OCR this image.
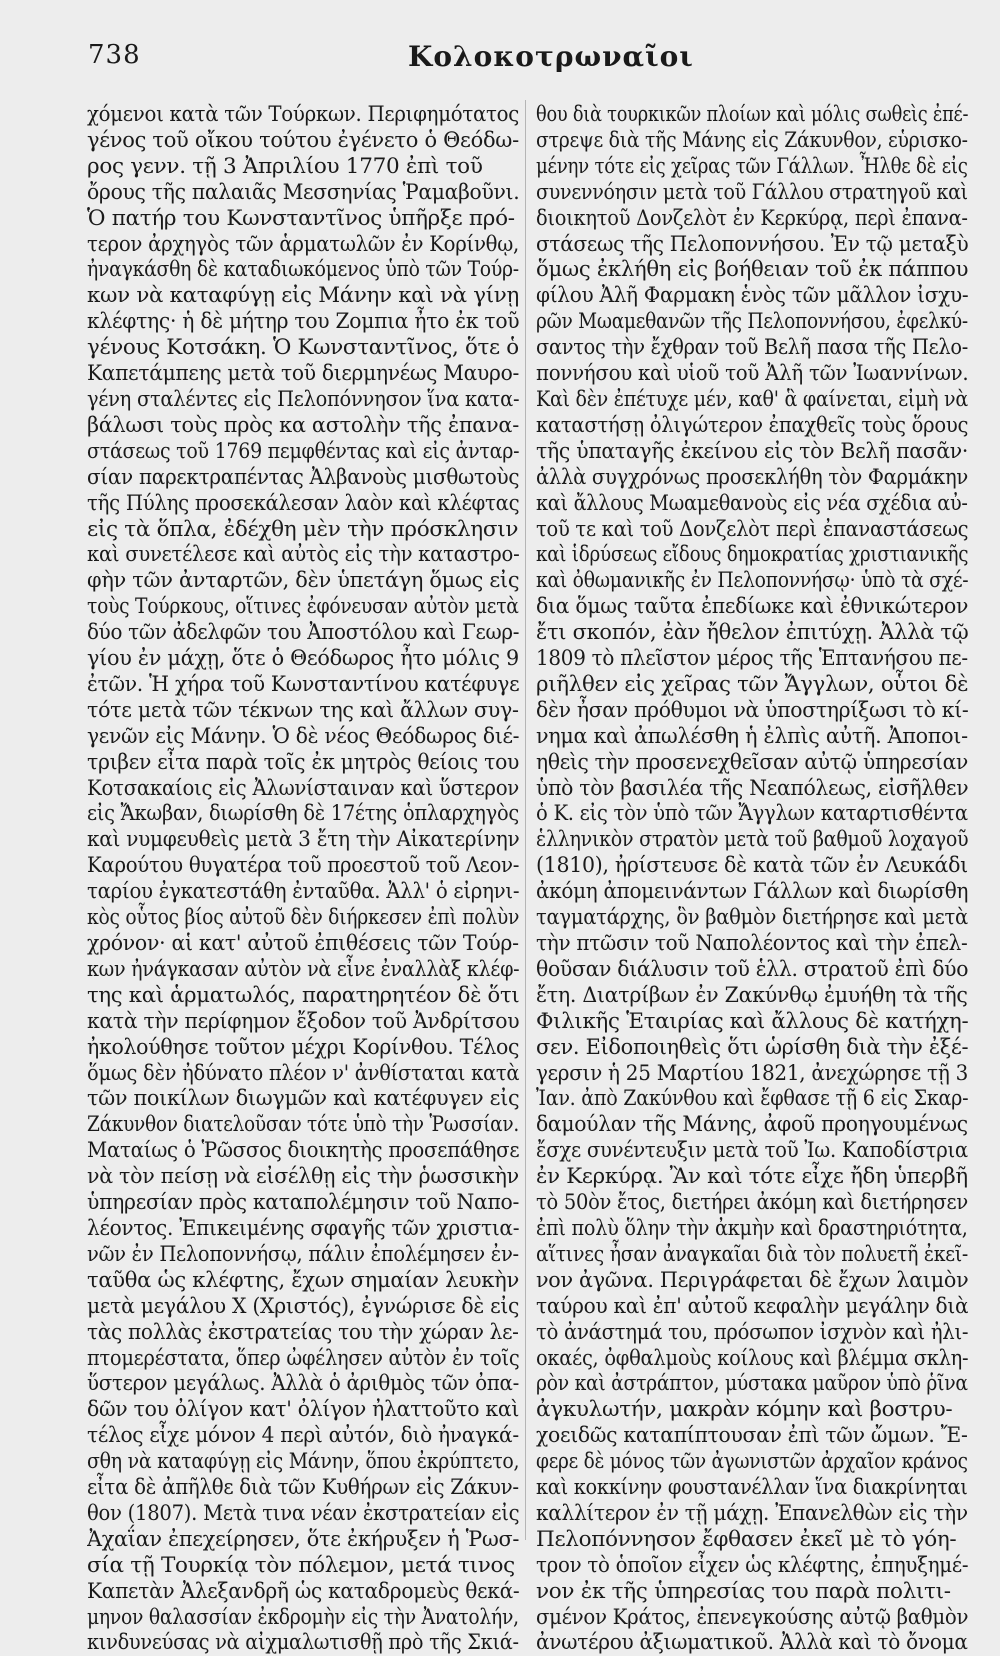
738	Κολοκοτρωναῖοι
χόμενοι κατὰ τῶν Τούρκων. Περιφημότατος
γένος τοῦ οἴκου τούτου ἐγένετο ὁ Θεόδω-
ρος γενν. τῇ 3 Ἀπριλίου 1770 ἐπὶ τοῦ
ὄρους τῆς παλαιᾶς Μεσσηνίας Ῥαμαβοῦνι.
Ὁ πατήρ του Κωνσταντῖνος ὑπῆρξε πρό-
τερον ἀρχηγὸς τῶν ἁρματωλῶν ἐν Κορίνθῳ,
ἠναγκάσθη δὲ καταδιωκόμενος ὑπὸ τῶν Τούρ-
κων νὰ καταφύγῃ εἰς Μάνην καὶ νὰ γίνῃ
κλέφτης· ἡ δὲ μήτηρ του Ζομπια ἦτο ἐκ τοῦ
γένους Κοτσάκη. Ὁ Κωνσταντῖνος, ὅτε ὁ
Καπετάμπεης μετὰ τοῦ διερμηνέως Μαυρο-
γένη σταλέντες εἰς Πελοπόννησον ἵνα κατα-
βάλωσι τοὺς πρὸς κα αστολὴν τῆς ἐπανα-
στάσεως τοῦ 1769 πεμφθέντας καὶ εἰς ἀνταρ-
σίαν παρεκτραπέντας Ἀλβανοὺς μισθωτοὺς
τῆς Πύλης προσεκάλεσαν λαὸν καὶ κλέφτας
εἰς τὰ ὅπλα, ἐδέχθη μὲν τὴν πρόσκλησιν
καὶ συνετέλεσε καὶ αὐτὸς εἰς τὴν καταστρο-
φὴν τῶν ἀνταρτῶν, δὲν ὑπετάγη ὅμως εἰς
τοὺς Τούρκους, οἵτινες ἐφόνευσαν αὐτὸν μετὰ
δύο τῶν ἀδελφῶν του Ἀποστόλου καὶ Γεωρ-
γίου ἐν μάχῃ, ὅτε ὁ Θεόδωρος ἦτο μόλις 9
ἐτῶν. Ἡ χήρα τοῦ Κωνσταντίνου κατέφυγε
τότε μετὰ τῶν τέκνων της καὶ ἄλλων συγ-
γενῶν εἰς Μάνην. Ὁ δὲ νέος Θεόδωρος διέ-
τριβεν εἶτα παρὰ τοῖς ἐκ μητρὸς θείοις του
Κοτσακαίοις εἰς Ἀλωνίσταιναν καὶ ὕστερον
εἰς Ἄκωβαν, διωρίσθη δὲ 17έτης ὁπλαρχηγὸς
καὶ νυμφευθεὶς μετὰ 3 ἔτη τὴν Αἰκατερίνην
Καρούτου θυγατέρα τοῦ προεστοῦ τοῦ Λεον-
ταρίου ἐγκατεστάθη ἐνταῦθα. Ἀλλ' ὁ εἰρηνι-
κὸς οὗτος βίος αὐτοῦ δὲν διήρκεσεν ἐπὶ πολὺν
χρόνον· αἱ κατ' αὐτοῦ ἐπιθέσεις τῶν Τούρ-
κων ἠνάγκασαν αὐτὸν νὰ εἶνε ἐναλλὰξ κλέφ-
της καὶ ἁρματωλός, παρατηρητέον δὲ ὅτι
κατὰ τὴν περίφημον ἔξοδον τοῦ Ἀνδρίτσου
ἠκολούθησε τοῦτον μέχρι Κορίνθου. Τέλος
ὅμως δὲν ἠδύνατο πλέον ν' ἀνθίσταται κατὰ
τῶν ποικίλων διωγμῶν καὶ κατέφυγεν εἰς
Ζάκυνθον διατελοῦσαν τότε ὑπὸ τὴν Ῥωσσίαν.
Ματαίως ὁ Ῥῶσσος διοικητὴς προσεπάθησε
νὰ τὸν πείσῃ νὰ εἰσέλθῃ εἰς τὴν ῥωσσικὴν
ὑπηρεσίαν πρὸς καταπολέμησιν τοῦ Ναπο-
λέοντος. Ἐπικειμένης σφαγῆς τῶν χριστια-
νῶν ἐν Πελοποννήσῳ, πάλιν ἐπολέμησεν ἐν-
ταῦθα ὡς κλέφτης, ἔχων σημαίαν λευκὴν
μετὰ μεγάλου Χ (Χριστός), ἐγνώρισε δὲ εἰς
τὰς πολλὰς ἐκστρατείας του τὴν χώραν λε-
πτομερέστατα, ὅπερ ὠφέλησεν αὐτὸν ἐν τοῖς
ὕστερον μεγάλως. Ἀλλὰ ὁ ἀριθμὸς τῶν ὀπα-
δῶν του ὀλίγον κατ' ὀλίγον ἠλαττοῦτο καὶ
τέλος εἶχε μόνον 4 περὶ αὐτόν, διὸ ἠναγκά-
σθη νὰ καταφύγῃ εἰς Μάνην, ὅπου ἐκρύπτετο,
εἶτα δὲ ἀπῆλθε διὰ τῶν Κυθήρων εἰς Ζάκυν-
θον (1807). Μετὰ τινα νέαν ἐκστρατείαν εἰς
Ἀχαΐαν ἐπεχείρησεν, ὅτε ἐκήρυξεν ἡ Ῥωσ-
σία τῇ Τουρκίᾳ τὸν πόλεμον, μετά τινος
Καπετὰν Ἀλεξανδρῆ ὡς καταδρομεὺς θεκά-
μηνον θαλασσίαν ἐκδρομὴν εἰς τὴν Ἀνατολήν,
κινδυνεύσας νὰ αἰχμαλωτισθῇ πρὸ τῆς Σκιά-
θου διὰ τουρκικῶν πλοίων καὶ μόλις σωθεὶς ἐπέ-
στρεψε διὰ τῆς Μάνης εἰς Ζάκυνθον, εὑρισκο-
μένην τότε εἰς χεῖρας τῶν Γάλλων. Ἦλθε δὲ εἰς
συνεννόησιν μετὰ τοῦ Γάλλου στρατηγοῦ καὶ
διοικητοῦ Δονζελὸτ ἐν Κερκύρᾳ, περὶ ἐπανα-
στάσεως τῆς Πελοποννήσου. Ἐν τῷ μεταξὺ
ὅμως ἐκλήθη εἰς βοήθειαν τοῦ ἐκ πάππου
φίλου Ἀλῆ Φαρμακη ἑνὸς τῶν μᾶλλον ἰσχυ-
ρῶν Μωαμεθανῶν τῆς Πελοποννήσου, ἐφελκύ-
σαντος τὴν ἔχθραν τοῦ Βελῆ πασα τῆς Πελο-
ποννήσου καὶ υἱοῦ τοῦ Ἀλῆ τῶν Ἰωαννίνων.
Καὶ δὲν ἐπέτυχε μέν, καθ' ἃ φαίνεται, εἰμὴ νὰ
καταστήσῃ ὀλιγώτερον ἐπαχθεῖς τοὺς ὅρους
τῆς ὑπαταγῆς ἐκείνου εἰς τὸν Βελῆ πασᾶν·
ἀλλὰ συγχρόνως προσεκλήθη τὸν Φαρμάκην
καὶ ἄλλους Μωαμεθανοὺς εἰς νέα σχέδια αὐ-
τοῦ τε καὶ τοῦ Δονζελὸτ περὶ ἐπαναστάσεως
καὶ ἱδρύσεως εἴδους δημοκρατίας χριστιανικῆς
καὶ ὀθωμανικῆς ἐν Πελοποννήσῳ· ὑπὸ τὰ σχέ-
δια ὅμως ταῦτα ἐπεδίωκε καὶ ἐθνικώτερον
ἔτι σκοπόν, ἐὰν ἤθελον ἐπιτύχῃ. Ἀλλὰ τῷ
1809 τὸ πλεῖστον μέρος τῆς Ἑπτανήσου πε-
ριῆλθεν εἰς χεῖρας τῶν Ἄγγλων, οὗτοι δὲ
δὲν ἦσαν πρόθυμοι νὰ ὑποστηρίξωσι τὸ κί-
νημα καὶ ἀπωλέσθη ἡ ἐλπὶς αὐτῆ. Ἀποποι-
ηθεὶς τὴν προσενεχθεῖσαν αὐτῷ ὑπηρεσίαν
ὑπὸ τὸν βασιλέα τῆς Νεαπόλεως, εἰσῆλθεν
ὁ Κ. εἰς τὸν ὑπὸ τῶν Ἄγγλων καταρτισθέντα
ἑλληνικὸν στρατὸν μετὰ τοῦ βαθμοῦ λοχαγοῦ
(1810), ἠρίστευσε δὲ κατὰ τῶν ἐν Λευκάδι
ἀκόμη ἀπομεινάντων Γάλλων καὶ διωρίσθη
ταγματάρχης, ὃν βαθμὸν διετήρησε καὶ μετὰ
τὴν πτῶσιν τοῦ Ναπολέοντος καὶ τὴν ἐπελ-
θοῦσαν διάλυσιν τοῦ ἑλλ. στρατοῦ ἐπὶ δύο
ἔτη. Διατρίβων ἐν Ζακύνθῳ ἐμυήθη τὰ τῆς
Φιλικῆς Ἑταιρίας καὶ ἄλλους δὲ κατήχη-
σεν. Εἰδοποιηθεὶς ὅτι ὡρίσθη διὰ τὴν ἐξέ-
γερσιν ἡ 25 Μαρτίου 1821, ἀνεχώρησε τῇ 3
Ἰαν. ἀπὸ Ζακύνθου καὶ ἔφθασε τῇ 6 εἰς Σκαρ-
δαμούλαν τῆς Μάνης, ἀφοῦ προηγουμένως
ἔσχε συνέντευξιν μετὰ τοῦ Ἰω. Καποδίστρια
ἐν Κερκύρᾳ. Ἂν καὶ τότε εἶχε ἤδη ὑπερβῆ
τὸ 50ὸν ἔτος, διετήρει ἀκόμη καὶ διετήρησεν
ἐπὶ πολὺ ὅλην τὴν ἀκμὴν καὶ δραστηριότητα,
αἵτινες ἦσαν ἀναγκαῖαι διὰ τὸν πολυετῆ ἐκεῖ-
νον ἀγῶνα. Περιγράφεται δὲ ἔχων λαιμὸν
ταύρου καὶ ἐπ' αὐτοῦ κεφαλὴν μεγάλην διὰ
τὸ ἀνάστημά του, πρόσωπον ἰσχνὸν καὶ ἠλι-
οκαές, ὀφθαλμοὺς κοίλους καὶ βλέμμα σκλη-
ρὸν καὶ ἀστράπτον, μύστακα μαῦρον ὑπὸ ῥῖνα
ἀγκυλωτήν, μακρὰν κόμην καὶ βοστρυ-
χοειδῶς καταπίπτουσαν ἐπὶ τῶν ὤμων. Ἔ-
φερε δὲ μόνος τῶν ἀγωνιστῶν ἀρχαῖον κράνος
καὶ κοκκίνην φουστανέλλαν ἵνα διακρίνηται
καλλίτερον ἐν τῇ μάχῃ. Ἐπανελθὼν εἰς τὴν
Πελοπόννησον ἔφθασεν ἐκεῖ μὲ τὸ γόη-
τρον τὸ ὁποῖον εἶχεν ὡς κλέφτης, ἐπηυξημέ-
νον ἐκ τῆς ὑπηρεσίας του παρὰ πολιτι-
σμένον Κράτος, ἐπενεγκούσης αὐτῷ βαθμὸν
ἀνωτέρου ἀξιωματικοῦ. Ἀλλὰ καὶ τὸ ὄνομα
